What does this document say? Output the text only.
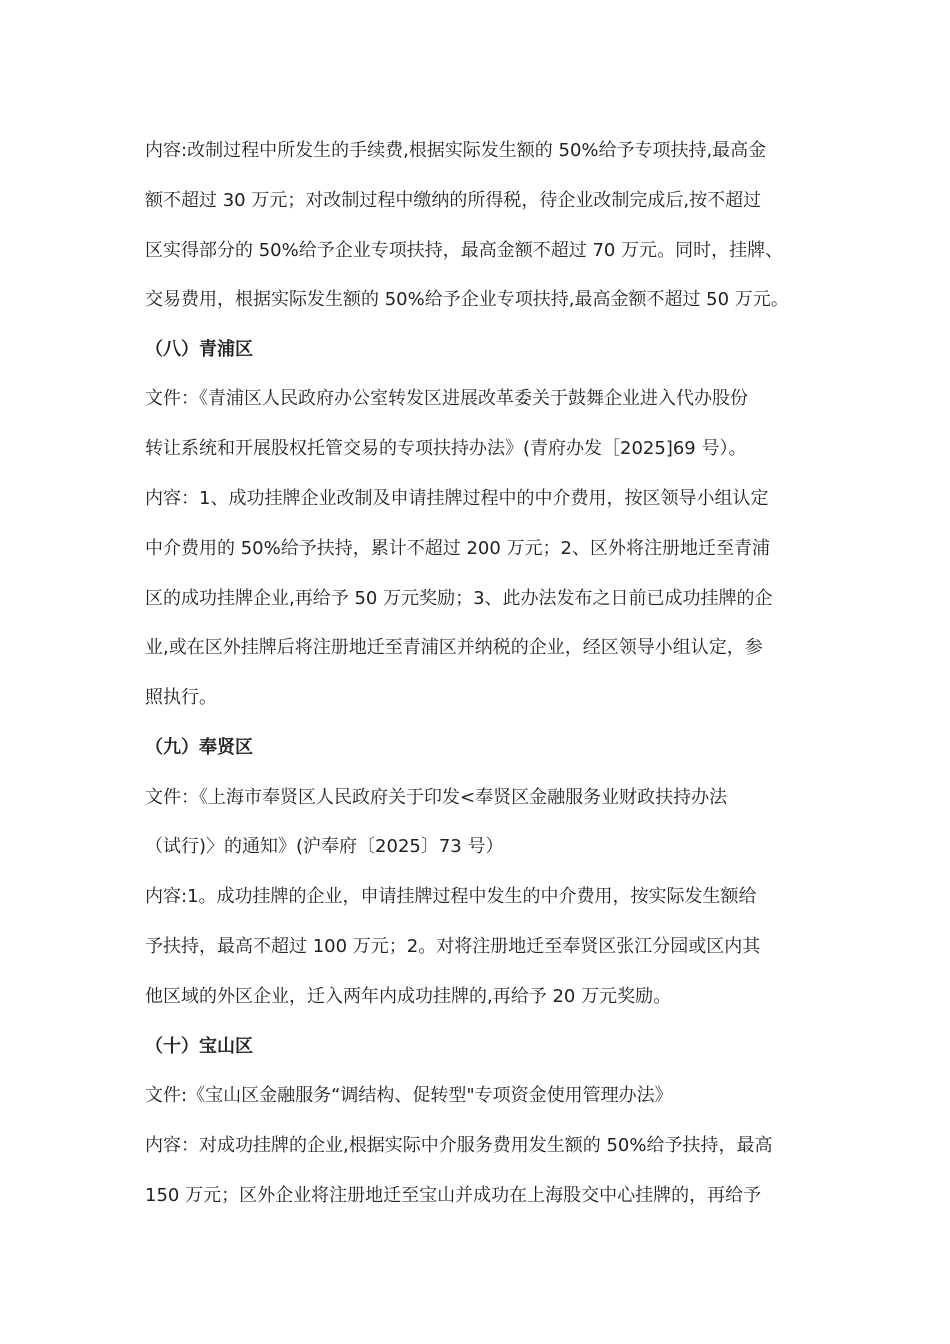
内容:改制过程中所发生的手续费,根据实际发生额的 50%给予专项扶持,最高金
额不超过 30 万元；对改制过程中缴纳的所得税，待企业改制完成后,按不超过
区实得部分的 50%给予企业专项扶持，最高金额不超过 70 万元。同时，挂牌、
交易费用，根据实际发生额的 50%给予企业专项扶持,最高金额不超过 50 万元。
（八）青浦区
文件：《青浦区人民政府办公室转发区进展改革委关于鼓舞企业进入代办股份
转让系统和开展股权托管交易的专项扶持办法》(青府办发［2025]69 号）。
内容：1、成功挂牌企业改制及申请挂牌过程中的中介费用，按区领导小组认定
中介费用的 50%给予扶持，累计不超过 200 万元；2、区外将注册地迁至青浦
区的成功挂牌企业,再给予 50 万元奖励；3、此办法发布之日前已成功挂牌的企
业,或在区外挂牌后将注册地迁至青浦区并纳税的企业，经区领导小组认定，参
照执行。
（九）奉贤区
文件：《上海市奉贤区人民政府关于印发<奉贤区金融服务业财政扶持办法
（试行)〉的通知》(沪奉府〔2025〕73 号）
内容:1。成功挂牌的企业，申请挂牌过程中发生的中介费用，按实际发生额给
予扶持，最高不超过 100 万元；2。对将注册地迁至奉贤区张江分园或区内其
他区域的外区企业，迁入两年内成功挂牌的,再给予 20 万元奖励。
（十）宝山区
文件:《宝山区金融服务“调结构、促转型"专项资金使用管理办法》
内容：对成功挂牌的企业,根据实际中介服务费用发生额的 50%给予扶持，最高
150 万元；区外企业将注册地迁至宝山并成功在上海股交中心挂牌的，再给予
